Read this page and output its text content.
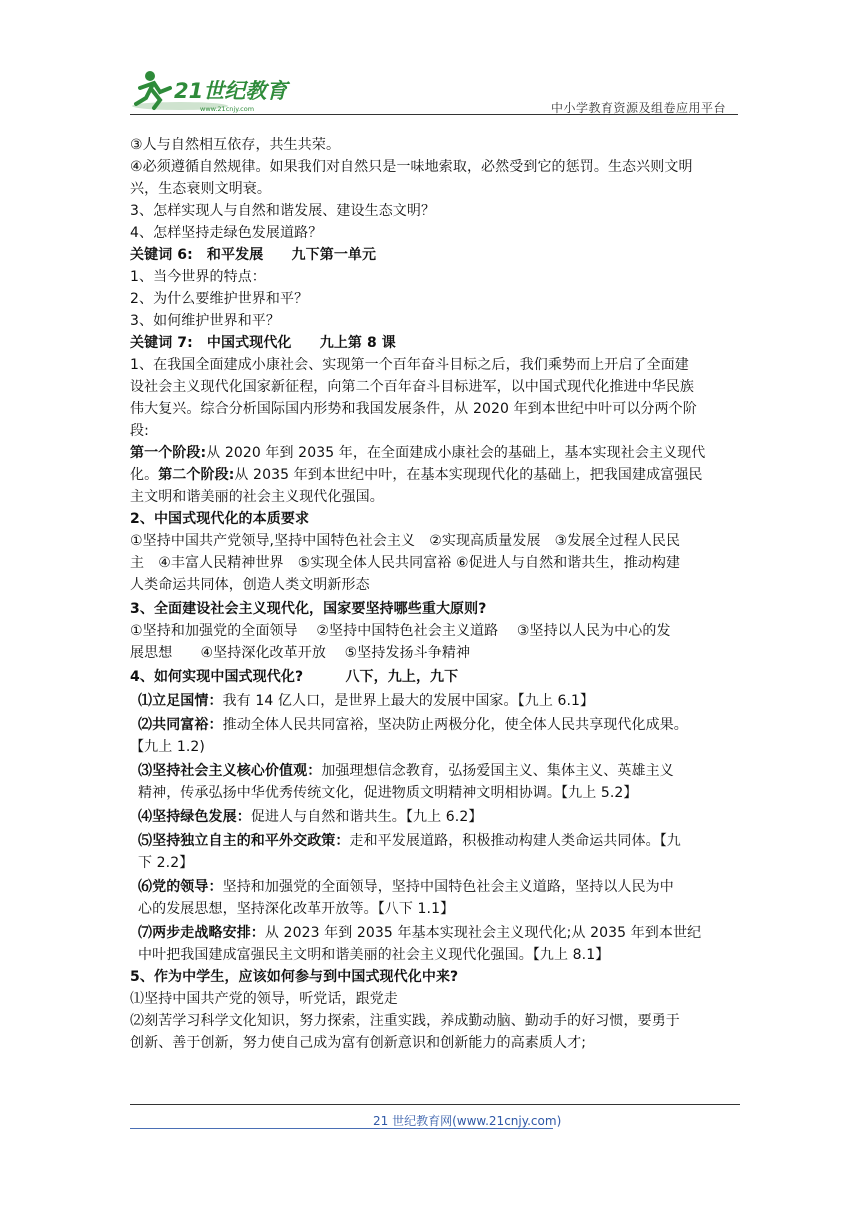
21世纪教育
www.21cnjy.com	中小学教育资源及组卷应用平台
③人与自然相互依存，共生共荣。
④必须遵循自然规律。如果我们对自然只是一味地索取，必然受到它的惩罚。生态兴则文明
兴，生态衰则文明衰。
3、怎样实现人与自然和谐发展、建设生态文明？
4、怎样坚持走绿色发展道路？
关键词 6:　和平发展　　九下第一单元
1、当今世界的特点：
2、为什么要维护世界和平？
3、如何维护世界和平？
关键词 7:　中国式现代化　　九上第 8 课
1、在我国全面建成小康社会、实现第一个百年奋斗目标之后，我们乘势而上开启了全面建
设社会主义现代化国家新征程，向第二个百年奋斗目标进军，以中国式现代化推进中华民族
伟大复兴。综合分析国际国内形势和我国发展条件，从 2020 年到本世纪中叶可以分两个阶
段:
第一个阶段:从 2020 年到 2035 年，在全面建成小康社会的基础上，基本实现社会主义现代
化。第二个阶段:从 2035 年到本世纪中叶，在基本实现现代化的基础上，把我国建成富强民
主文明和谐美丽的社会主义现代化强国。
2、中国式现代化的本质要求
①坚持中国共产党领导,坚持中国特色社会主义　②实现高质量发展　③发展全过程人民民
主　④丰富人民精神世界　⑤实现全体人民共同富裕 ⑥促进人与自然和谐共生，推动构建
人类命运共同体，创造人类文明新形态
3、全面建设社会主义现代化，国家要坚持哪些重大原则?
①坚持和加强党的全面领导　 ②坚持中国特色社会主义道路　 ③坚持以人民为中心的发
展思想　　④坚持深化改革开放　 ⑤坚持发扬斗争精神
4、如何实现中国式现代化?　　　八下，九上，九下
⑴立足国情：我有 14 亿人口，是世界上最大的发展中国家。【九上 6.1】
⑵共同富裕：推动全体人民共同富裕，坚决防止两极分化，使全体人民共享现代化成果。
【九上 1.2)
⑶坚持社会主义核心价值观：加强理想信念教育，弘扬爱国主义、集体主义、英雄主义
精神，传承弘扬中华优秀传统文化，促进物质文明精神文明相协调。【九上 5.2】
⑷坚持绿色发展：促进人与自然和谐共生。【九上 6.2】
⑸坚持独立自主的和平外交政策：走和平发展道路，积极推动构建人类命运共同体。【九
下 2.2】
⑹党的领导：坚持和加强党的全面领导，坚持中国特色社会主义道路，坚持以人民为中
心的发展思想，坚持深化改革开放等。【八下 1.1】
⑺两步走战略安排：从 2023 年到 2035 年基本实现社会主义现代化;从 2035 年到本世纪
中叶把我国建成富强民主文明和谐美丽的社会主义现代化强国。【九上 8.1】
5、作为中学生，应该如何参与到中国式现代化中来?
⑴坚持中国共产党的领导，听党话，跟党走
⑵刻苦学习科学文化知识，努力探索，注重实践，养成勤动脑、勤动手的好习惯，要勇于
创新、善于创新，努力使自己成为富有创新意识和创新能力的高素质人才;
21 世纪教育网(www.21cnjy.com)
